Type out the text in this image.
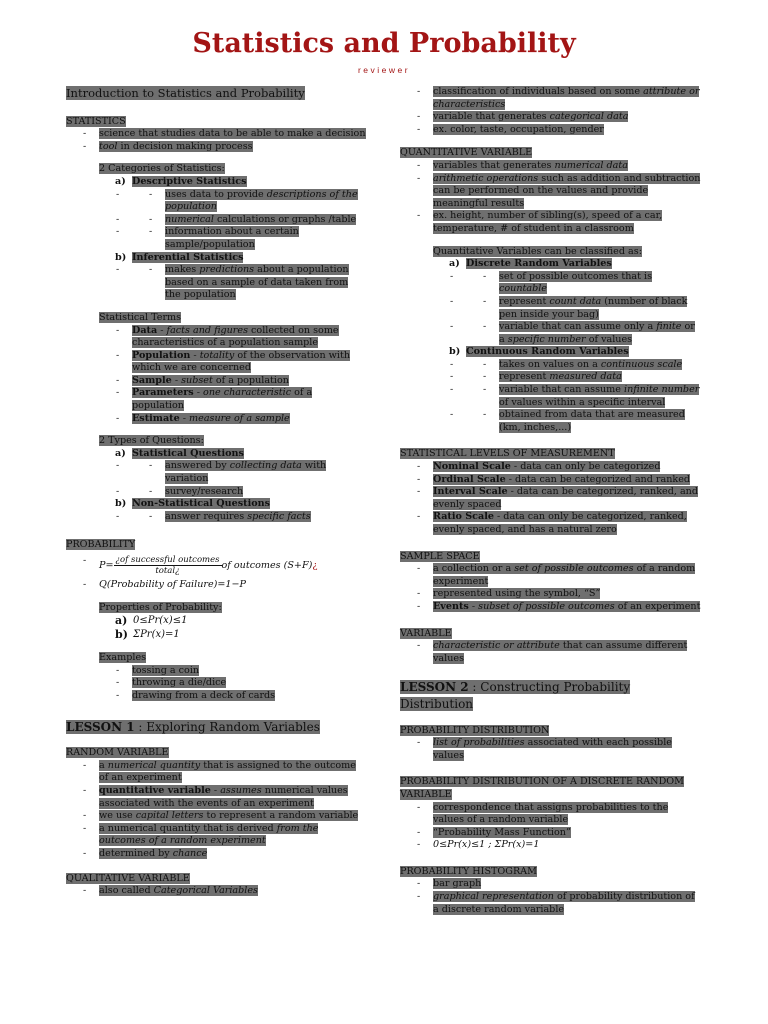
Statistics and Probability
reviewer
Introduction to Statistics and Probability
STATISTICS
- science that studies data to be able to make a decision
- tool in decision making process
2 Categories of Statistics:
a) Descriptive Statistics
- - uses data to provide descriptions of the population
- - numerical calculations or graphs /table
- - information about a certain sample/population
b) Inferential Statistics
- - makes predictions about a population based on a sample of data taken from the population
Statistical Terms
- Data - facts and figures collected on some characteristics of a population sample
- Population - totality of the observation with which we are concerned
- Sample - subset of a population
- Parameters - one characteristic of a population
- Estimate - measure of a sample
2 Types of Questions:
a) Statistical Questions
- - answered by collecting data with variation
- - survey/research
b) Non-Statistical Questions
- - answer requires specific facts
PROBABILITY
- $P= \frac{\text{¿of successful outcomes}}{\text{total¿}}$ of outcomes (S+F)¿
- Q(Probability of Failure)=1−P
Properties of Probability:
a) 0≤Pr(x)≤1
b) ΣPr(x)=1
Examples
- tossing a coin
- throwing a die/dice
- drawing from a deck of cards
LESSON 1 : Exploring Random Variables
RANDOM VARIABLE
- a numerical quantity that is assigned to the outcome of an experiment
- quantitative variable - assumes numerical values associated with the events of an experiment
- we use capital letters to represent a random variable
- a numerical quantity that is derived from the outcomes of a random experiment
- determined by chance
QUALITATIVE VARIABLE
- also called Categorical Variables
- classification of individuals based on some attribute or characteristics
- variable that generates categorical data
- ex. color, taste, occupation, gender
QUANTITATIVE VARIABLE
- variables that generates numerical data
- arithmetic operations such as addition and subtraction can be performed on the values and provide meaningful results
- ex. height, number of sibling(s), speed of a car, temperature, # of student in a classroom
Quantitative Variables can be classified as:
a) Discrete Random Variables
- - set of possible outcomes that is countable
- - represent count data (number of black pen inside your bag)
- - variable that can assume only a finite or a specific number of values
b) Continuous Random Variables
- - takes on values on a continuous scale
- - represent measured data
- - variable that can assume infinite number of values within a specific interval
- - obtained from data that are measured (km, inches,...)
STATISTICAL LEVELS OF MEASUREMENT
- Nominal Scale - data can only be categorized
- Ordinal Scale - data can be categorized and ranked
- Interval Scale - data can be categorized, ranked, and evenly spaced
- Ratio Scale - data can only be categorized, ranked, evenly spaced, and has a natural zero
SAMPLE SPACE
- a collection or a set of possible outcomes of a random experiment
- represented using the symbol, “S”
- Events - subset of possible outcomes of an experiment
VARIABLE
- characteristic or attribute that can assume different values
LESSON 2 : Constructing Probability Distribution
PROBABILITY DISTRIBUTION
- list of probabilities associated with each possible values
PROBABILITY DISTRIBUTION OF A DISCRETE RANDOM VARIABLE
- correspondence that assigns probabilities to the values of a random variable
- “Probability Mass Function”
- 0≤Pr(x)≤1 ; ΣPr(x)=1
PROBABILITY HISTOGRAM
- bar graph
- graphical representation of probability distribution of a discrete random variable
